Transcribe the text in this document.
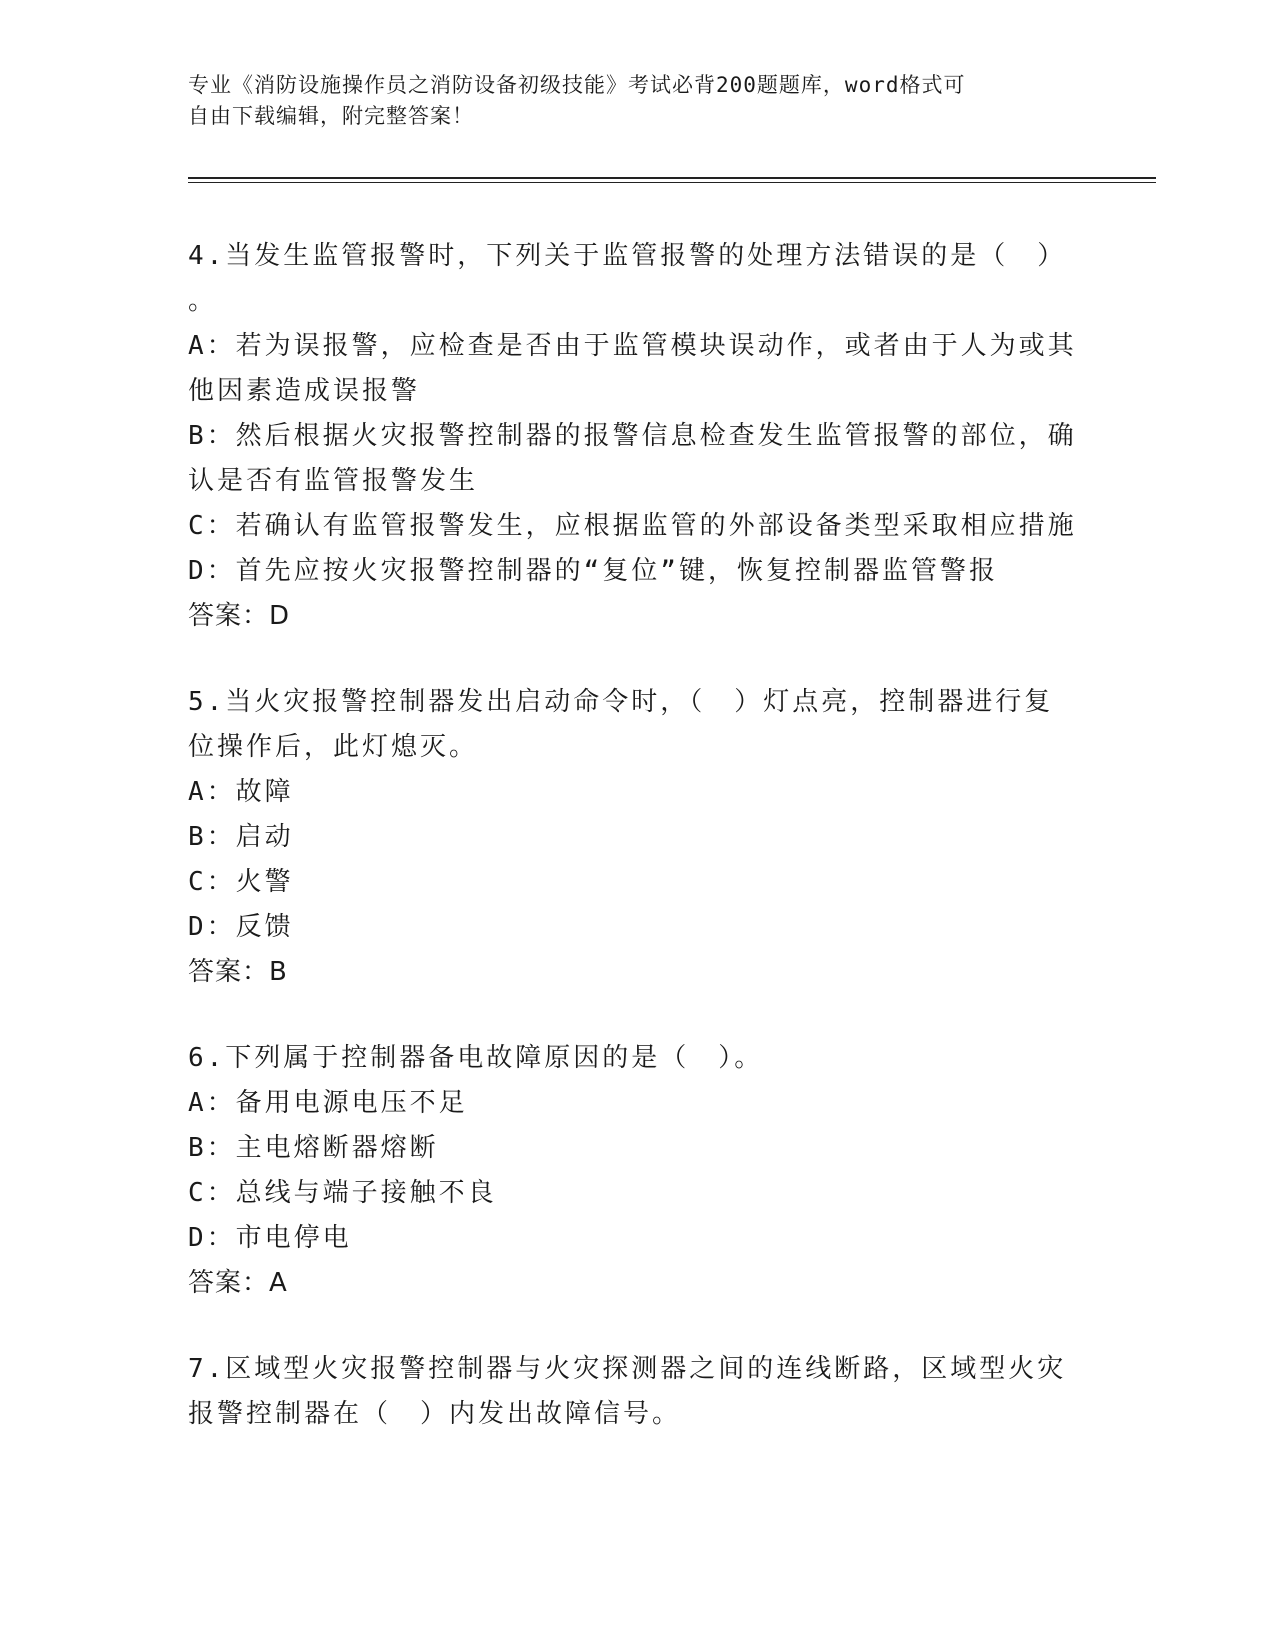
专业《消防设施操作员之消防设备初级技能》考试必背200题题库，word格式可
自由下载编辑，附完整答案！

4.当发生监管报警时，下列关于监管报警的处理方法错误的是（　）

。

A：若为误报警，应检查是否由于监管模块误动作，或者由于人为或其

他因素造成误报警

B：然后根据火灾报警控制器的报警信息检查发生监管报警的部位，确

认是否有监管报警发生

C：若确认有监管报警发生，应根据监管的外部设备类型采取相应措施

D：首先应按火灾报警控制器的“复位”键，恢复控制器监管警报

答案：D

5.当火灾报警控制器发出启动命令时，（　）灯点亮，控制器进行复

位操作后，此灯熄灭。

A：故障

B：启动

C：火警

D：反馈

答案：B

6.下列属于控制器备电故障原因的是（　）。

A：备用电源电压不足

B：主电熔断器熔断

C：总线与端子接触不良

D：市电停电

答案：A

7.区域型火灾报警控制器与火灾探测器之间的连线断路，区域型火灾

报警控制器在（　）内发出故障信号。
